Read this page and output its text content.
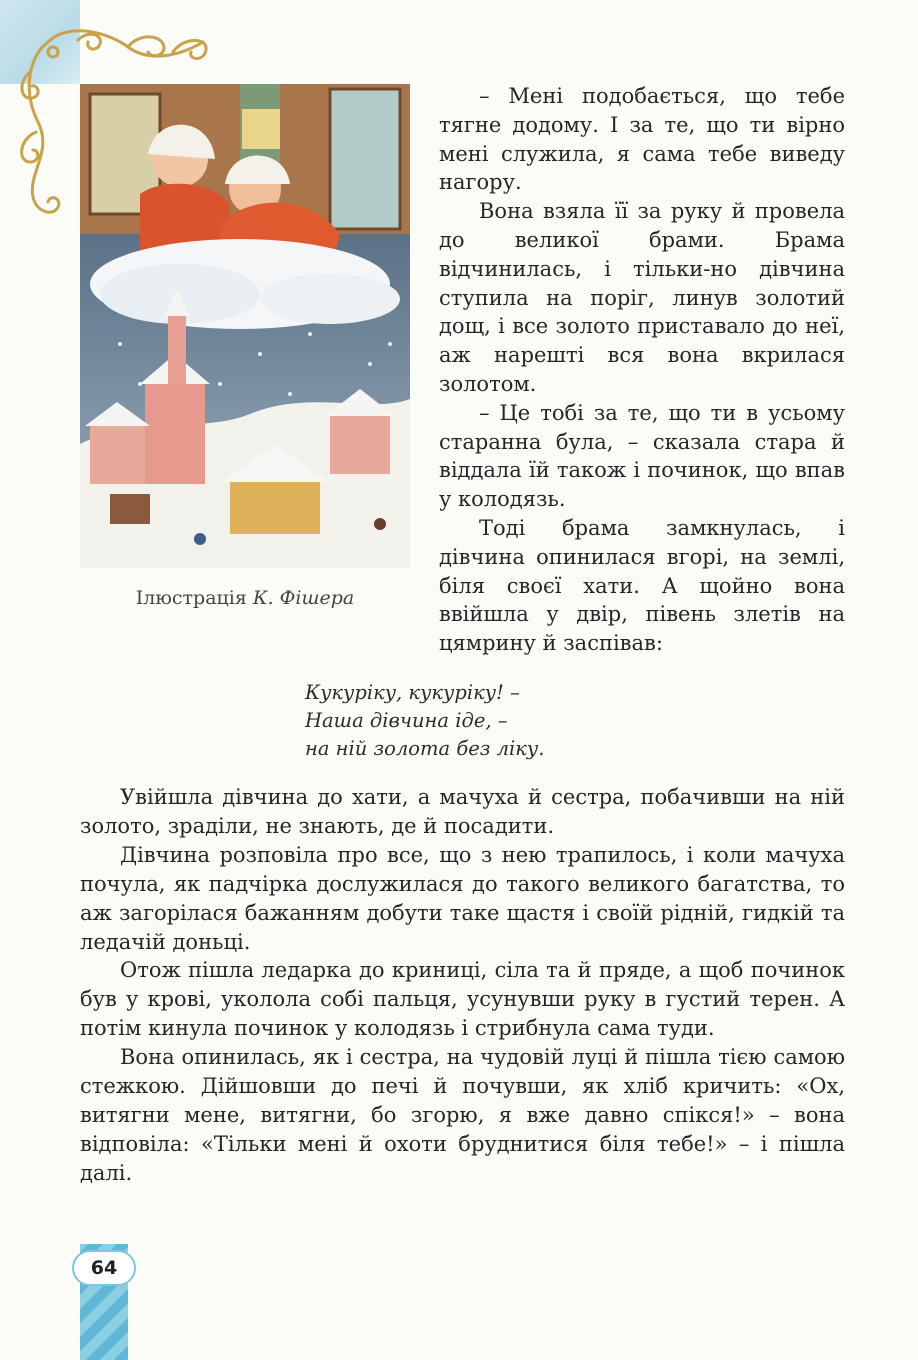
Ілюстрація К. Фішера

– Мені подобається, що тебе тягне додому. І за те, що ти вірно мені служила, я сама тебе виведу нагору.

Вона взяла її за руку й провела до великої брами. Брама відчинилась, і тільки-но дівчина ступила на поріг, линув золотий дощ, і все золото приставало до неї, аж нарешті вся вона вкрилася золотом.

– Це тобі за те, що ти в усьому старанна була, – сказала стара й віддала їй також і починок, що впав у колодязь.

Тоді брама замкнулась, і дівчина опинилася вгорі, на землі, біля своєї хати. А щойно вона ввійшла у двір, півень злетів на цямрину й заспівав:

Кукуріку, кукуріку! –
Наша дівчина іде, –
на ній золота без ліку.

Увійшла дівчина до хати, а мачуха й сестра, побачивши на ній золото, зраділи, не знають, де й посадити.

Дівчина розповіла про все, що з нею трапилось, і коли мачуха почула, як падчірка дослужилася до такого великого багатства, то аж загорілася бажанням добути таке щастя і своїй рідній, гидкій та ледачій доньці.

Отож пішла ледарка до криниці, сіла та й пряде, а щоб починок був у крові, уколола собі пальця, усунувши руку в густий терен. А потім кинула починок у колодязь і стрибнула сама туди.

Вона опинилась, як і сестра, на чудовій луці й пішла тією самою стежкою. Дійшовши до печі й почувши, як хліб кричить: «Ох, витягни мене, витягни, бо згорю, я вже давно спікся!» – вона відповіла: «Тільки мені й охоти бруднитися біля тебе!» – і пішла далі.

64
